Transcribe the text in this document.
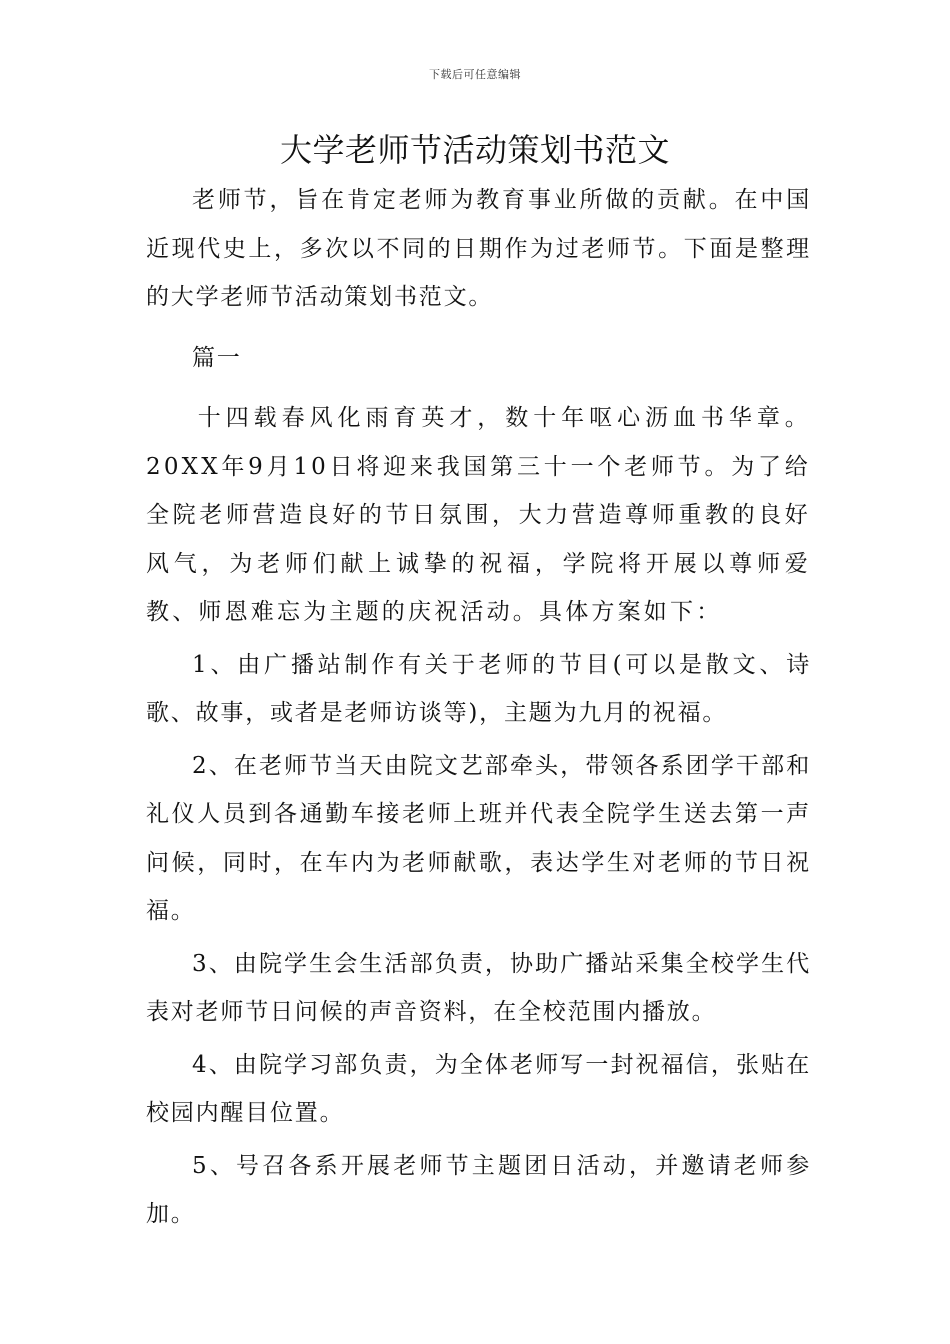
下载后可任意编辑
大学老师节活动策划书范文

老师节，旨在肯定老师为教育事业所做的贡献。在中国近现代史上，多次以不同的日期作为过老师节。下面是整理的大学老师节活动策划书范文。

篇一

十四载春风化雨育英才，数十年呕心沥血书华章。20XX年9月10日将迎来我国第三十一个老师节。为了给全院老师营造良好的节日氛围，大力营造尊师重教的良好风气，为老师们献上诚挚的祝福，学院将开展以尊师爱教、师恩难忘为主题的庆祝活动。具体方案如下：

1、由广播站制作有关于老师的节目(可以是散文、诗歌、故事，或者是老师访谈等)，主题为九月的祝福。

2、在老师节当天由院文艺部牵头，带领各系团学干部和礼仪人员到各通勤车接老师上班并代表全院学生送去第一声问候，同时，在车内为老师献歌，表达学生对老师的节日祝福。

3、由院学生会生活部负责，协助广播站采集全校学生代表对老师节日问候的声音资料，在全校范围内播放。

4、由院学习部负责，为全体老师写一封祝福信，张贴在校园内醒目位置。

5、号召各系开展老师节主题团日活动，并邀请老师参加。
